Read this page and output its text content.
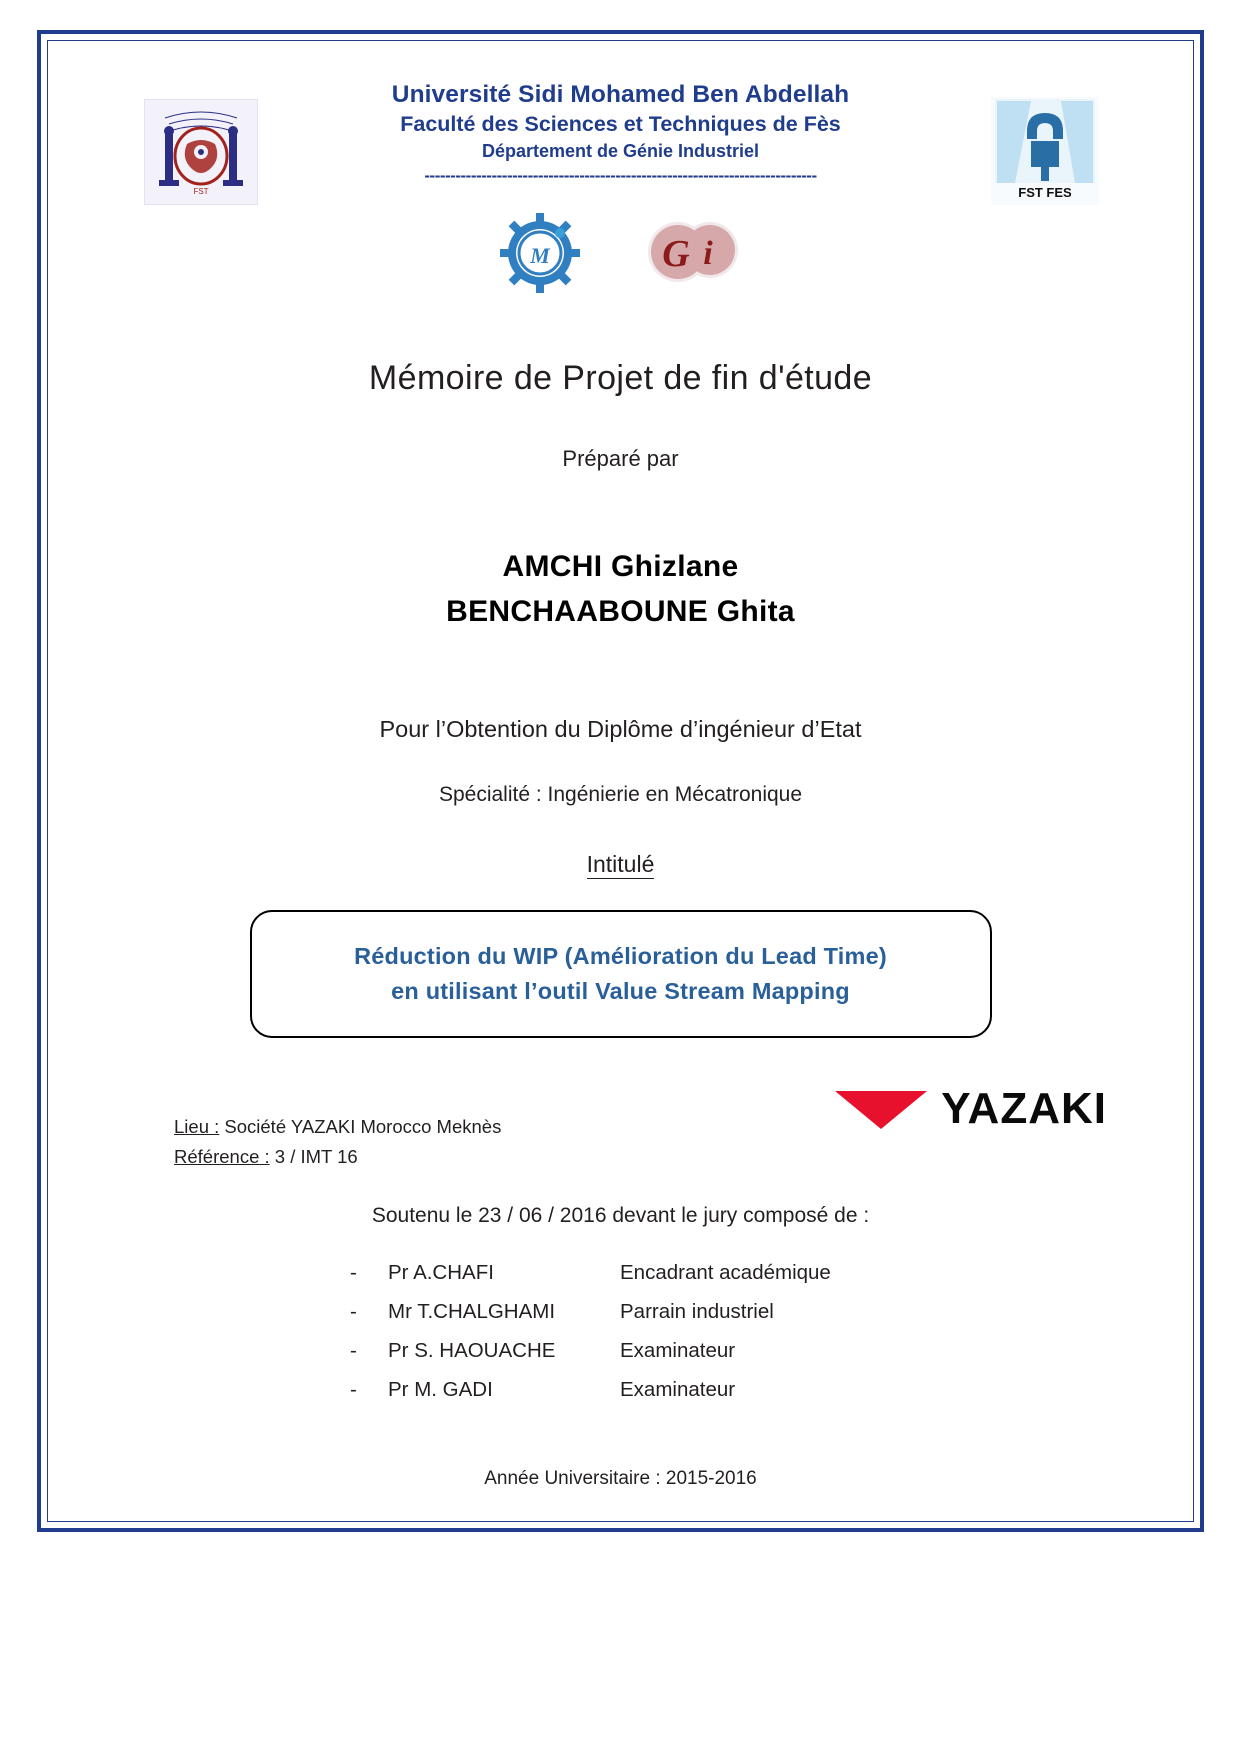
FST
Université Sidi Mohamed Ben Abdellah
Faculté des Sciences et Techniques de Fès
Département de Génie Industriel
----------------------------------------------------------------------------
FST FES
M	G i
Mémoire de Projet de fin d'étude
Préparé par
AMCHI Ghizlane
BENCHAABOUNE Ghita
Pour l’Obtention du Diplôme d’ingénieur d’Etat
Spécialité : Ingénierie en Mécatronique
Intitulé
Réduction du WIP (Amélioration du Lead Time)
en utilisant l’outil Value Stream Mapping
Lieu : Société YAZAKI Morocco Meknès
Référence : 3 / IMT 16
YAZAKI
Soutenu le 23 / 06 / 2016 devant le jury composé de :
-	Pr A.CHAFI	Encadrant académique
-	Mr T.CHALGHAMI	Parrain industriel
-	Pr S. HAOUACHE	Examinateur
-	Pr M. GADI	Examinateur
Année Universitaire : 2015-2016
